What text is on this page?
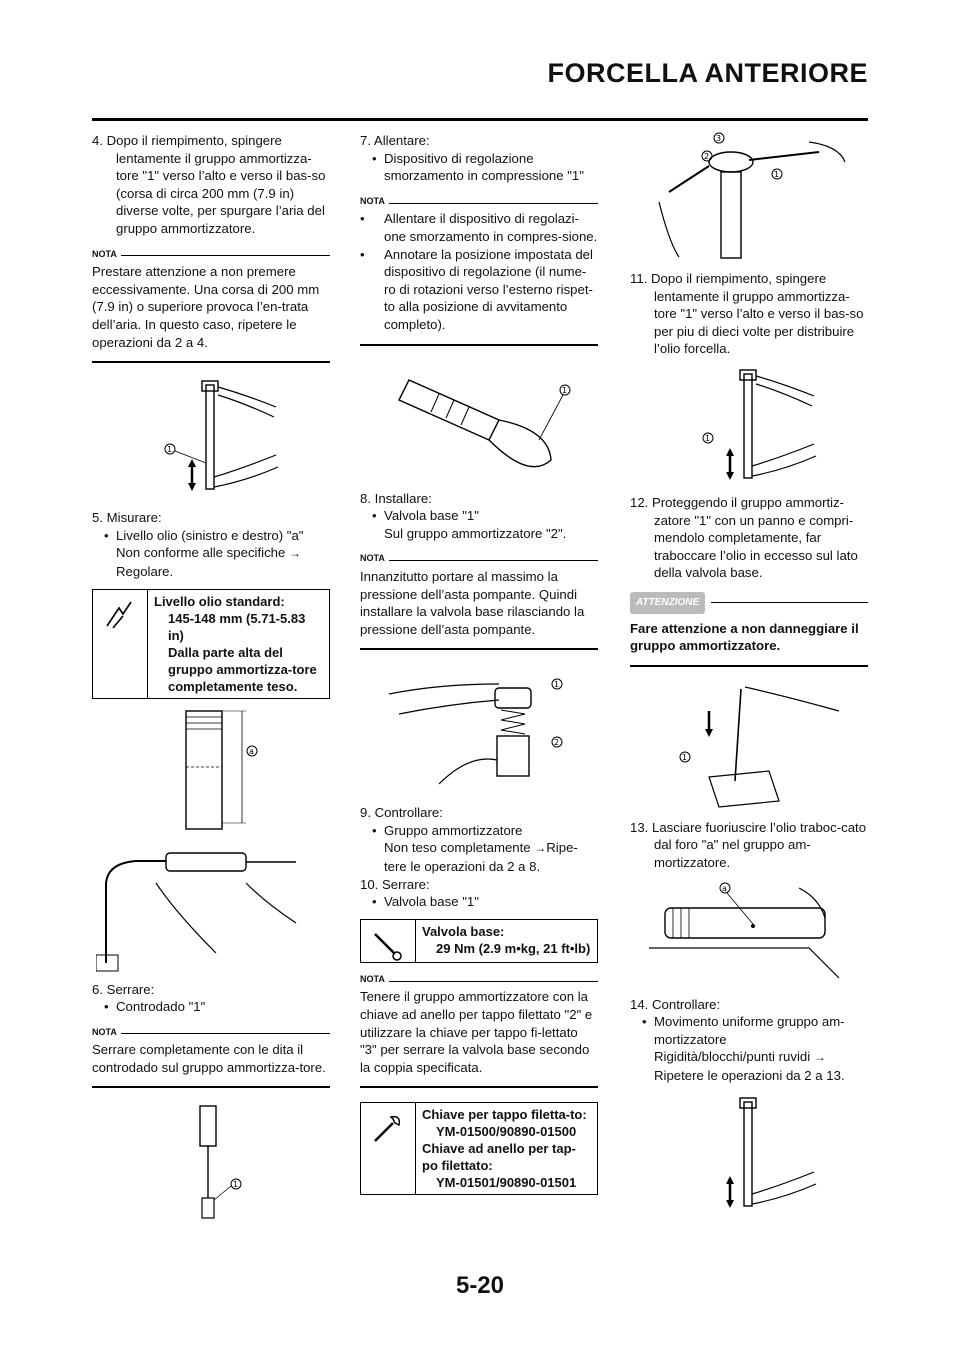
FORCELLA ANTERIORE

4. Dopo il riempimento, spingere lentamente il gruppo ammortizza-tore "1" verso l’alto e verso il bas-so (corsa di circa 200 mm (7.9 in) diverse volte, per spurgare l’aria del gruppo ammortizzatore.

NOTA

Prestare attenzione a non premere eccessivamente. Una corsa di 200 mm (7.9 in) o superiore provoca l’en-trata dell’aria. In questo caso, ripetere le operazioni da 2 a 4.

1

5. Misurare:

• Livello olio (sinistro e destro) "a"

Non conforme alle specifiche →

Regolare.

Livello olio standard:
145-148 mm (5.71-5.83 in)
Dalla parte alta del gruppo ammortizza-tore completamente teso.
a

6. Serrare:

• Controdado "1"

NOTA

Serrare completamente con le dita il controdado sul gruppo ammortizza-tore.

1

7. Allentare:

• Dispositivo di regolazione smorzamento in compressione "1"

NOTA

• Allentare il dispositivo di regolazi-one smorzamento in compres-sione.

• Annotare la posizione impostata del dispositivo di regolazione (il nume-ro di rotazioni verso l’esterno rispet-to alla posizione di avvitamento completo).

1

8. Installare:

• Valvola base "1"

Sul gruppo ammortizzatore "2".

NOTA

Innanzitutto portare al massimo la pressione dell’asta pompante. Quindi installare la valvola base rilasciando la pressione dell’asta pompante.

1
2

9. Controllare:

• Gruppo ammortizzatore

Non teso completamente →Ripe-tere le operazioni da 2 a 8.

10. Serrare:

• Valvola base "1"

Valvola base:
29 Nm (2.9 m•kg, 21 ft•lb)
NOTA

Tenere il gruppo ammortizzatore con la chiave ad anello per tappo filettato "2" e utilizzare la chiave per tappo fi-lettato "3" per serrare la valvola base secondo la coppia specificata.

Chiave per tappo filetta-to:
YM-01500/90890-01500
Chiave ad anello per tap-po filettato:
YM-01501/90890-01501
3
2
1

11. Dopo il riempimento, spingere lentamente il gruppo ammortizza-tore "1" verso l’alto e verso il bas-so per piu di dieci volte per distribuire l’olio forcella.

1

12. Proteggendo il gruppo ammortiz-zatore "1" con un panno e compri-mendolo completamente, far traboccare l’olio in eccesso sul lato della valvola base.

ATTENZIONE

Fare attenzione a non danneggiare il gruppo ammortizzatore.

1

13. Lasciare fuoriuscire l’olio traboc-cato dal foro "a" nel gruppo am-mortizzatore.

a

14. Controllare:

• Movimento uniforme gruppo am-mortizzatore

Rigidità/blocchi/punti ruvidi →

Ripetere le operazioni da 2 a 13.

5-20
